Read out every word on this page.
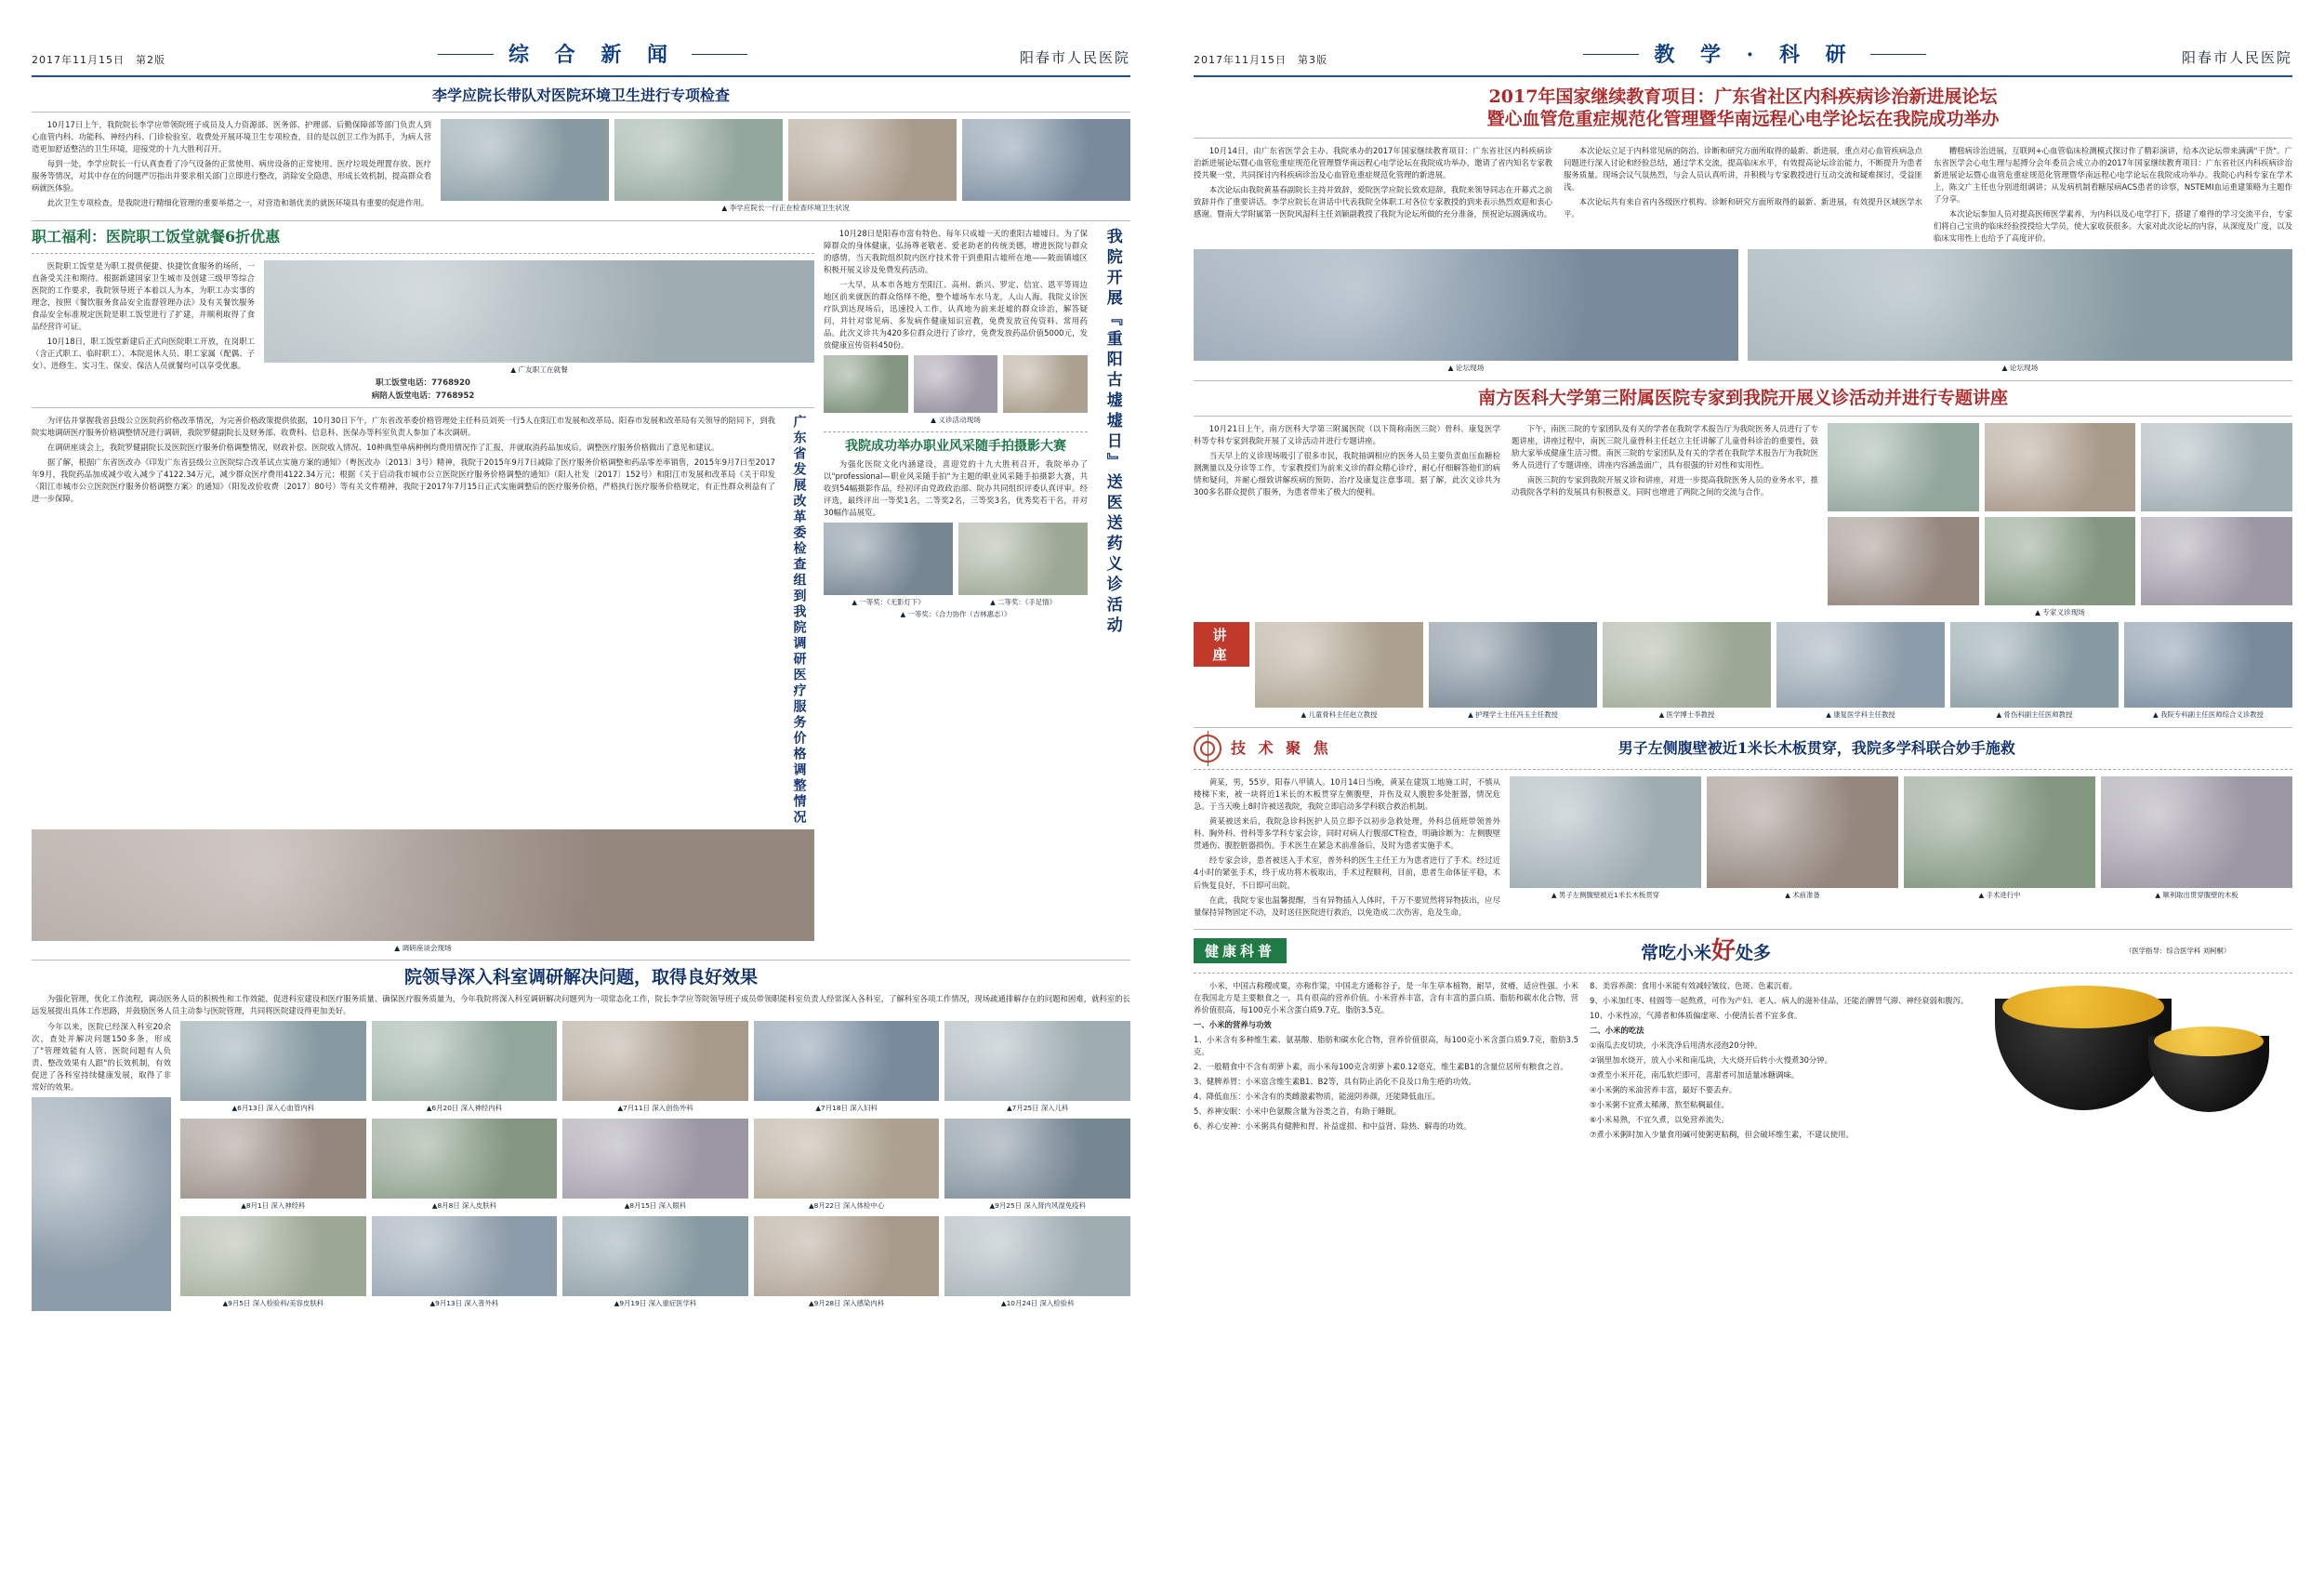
2017年11月15日　第2版	综 合 新 闻	阳春市人民医院
李学应院长带队对医院环境卫生进行专项检查

10月17日上午，我院院长李学应带领院班子成员及人力资源部、医务部、护理部、后勤保障部等部门负责人到心血管内科、功能科、神经内科、门诊检验室、收费处开展环境卫生专项检查，目的是以创卫工作为抓手，为病人营造更加舒适整洁的卫生环境，迎接党的十九大胜利召开。

每到一处，李学应院长一行认真查看了冷气设备的正常使用、病房设备的正常使用、医疗垃圾处理置存放、医疗服务等情况，对其中存在的问题严厉指出并要求相关部门立即进行整改，消除安全隐患，形成长效机制，提高群众看病就医体验。

此次卫生专项检查，是我院进行精细化管理的重要举措之一，对营造和谐优美的就医环境具有重要的促进作用。

▲ 李学应院长一行正在检查环境卫生状况
职工福利：医院职工饭堂就餐6折优惠

医院职工饭堂是为职工提供便捷、快捷饮食服务的场所，一直备受关注和期待。根据新建国家卫生城市及创建三级甲等综合医院的工作要求，我院领导班子本着以人为本，为职工办实事的理念，按照《餐饮服务食品安全监督管理办法》及有关餐饮服务食品安全标准规定医院是职工饭堂进行了扩建，并顺利取得了食品经营许可证。

10月18日，职工饭堂新建后正式向医院职工开放，在岗职工（含正式职工、临时职工）、本院退休人员、职工家属（配偶、子女）、进修生、实习生、保安、保洁人员就餐均可以享受优惠。	▲ 广友职工在就餐
职工饭堂电话：7768920
病陪人饭堂电话：7768952

为评估并掌握我省县级公立医院药价格改革情况，为完善价格政策提供依据，10月30日下午，广东省改革委价格管理处主任科员刘英一行5人在阳江市发展和改革局、阳春市发展和改革局有关领导的陪同下，到我院实地调研医疗服务价格调整情况进行调研，我院罗健副院长及财务部、收费科、信息科、医保办等科室负责人参加了本次调研。

在调研座谈会上，我院罗健副院长及医院医疗服务价格调整情况，财政补偿、医院收入情况、10种典型单病种例均费用情况作了汇报，并就取消药品加成后，调整医疗服务价格做出了意见和建议。

据了解，根据广东省医改办《印发广东省县级公立医院综合改革试点实施方案的通知》（粤医改办〔2013〕3号）精神，我院于2015年9月7日减除了医疗服务价格调整和药品零差率销售，2015年9月7日至2017年9月，我院药品加成减少收入减少了4122.34万元，减少群众医疗费用4122.34万元；根据《关于启动我市城市公立医院医疗服务价格调整的通知》（阳人社发〔2017〕152号）和阳江市发展和改革局《关于印发〈阳江市城市公立医院医疗服务价格调整方案〉的通知》（阳发改价收费〔2017〕80号）等有关文件精神，我院于2017年7月15日正式实施调整后的医疗服务价格，严格执行医疗服务价格规定，有正性群众利益有了进一步保障。	广东省发展改革委检查组到我院调研医疗服务价格调整情况
▲ 调研座谈会现场

10月28日是阳春市富有特色、每年只成墟一天的重阳古墟墟日。为了保障群众的身体健康，弘扬尊老敬老、爱老助老的传统美德，增进医院与群众的感情，当天我院组织院内医疗技术骨干到重阳古墟所在地——陂面镇墟区积极开展义诊及免费发药活动。

一大早，从本市各地方至阳江、高州、新兴、罗定、信宜、恩平等周边地区前来就医的群众络绎不绝，整个墟场车水马龙，人山人海。我院义诊医疗队到达现场后，迅速投入工作，认真地为前来赶墟的群众诊治，解答疑问，并针对常见病、多发病作健康知识宣教，免费发放宣传资料、常用药品。此次义诊共为420多位群众进行了诊疗，免费发放药品价值5000元，发放健康宣传资料450份。

▲ 义诊活动现场
我院成功举办职业风采随手拍摄影大赛

为强化医院文化内涵建设，喜迎党的十九大胜利召开，我院举办了以"professional—职业风采随手拍"为主题的职业风采随手拍摄影大赛，共收到54幅摄影作品，经初评由党政政治部、院办共同组织评委认真评审。经评选，最终评出一等奖1名，二等奖2名，三等奖3名，优秀奖若干名，并对30幅作品展览。

▲ 一等奖：《无影灯下》	▲ 二等奖：《手足情》
▲ 一等奖：《合力协作（吉林惠志）》	我院开展『重阳古墟墟日』送医送药义诊活动
院领导深入科室调研解决问题，取得良好效果

为强化管理，优化工作流程，调动医务人员的积极性和工作效能，促进科室建设和医疗服务质量、确保医疗服务质量为，今年我院将深入科室调研解决问题列为一项常态化工作，院长李学应等院领导班子成员带领职能科室负责人经常深入各科室，了解科室各项工作情况，现场疏通排解存在的问题和困难，就科室的长远发展提出具体工作思路，并鼓励医务人员主动参与医院管理，共同将医院建设得更加美好。

今年以来，医院已经深入科室20余次，查处并解决问题150多条，形成了"管理效能有人管、医院问题有人负责、整改效果有人跟"的长效机制，有效促进了各科室持续健康发展，取得了非常好的效果。

▲6月13日 深入心血管内科	▲6月20日 深入神经内科	▲7月11日 深入创伤外科	▲7月18日 深入妇科	▲7月25日 深入儿科
▲8月1日 深入神经科	▲8月8日 深入皮肤科	▲8月15日 深入眼科	▲8月22日 深入体检中心	▲9月25日 深入肾内风湿免疫科
▲9月5日 深入检验科/美容皮肤科	▲9月13日 深入普外科	▲9月19日 深入重症医学科	▲9月28日 深入感染内科	▲10月24日 深入检验科
2017年11月15日　第3版	教 学 · 科 研	阳春市人民医院
2017年国家继续教育项目：广东省社区内科疾病诊治新进展论坛
暨心血管危重症规范化管理暨华南远程心电学论坛在我院成功举办

10月14日，由广东省医学会主办、我院承办的2017年国家继续教育项目：广东省社区内科疾病诊治新进展论坛暨心血管危重症规范化管理暨华南远程心电学论坛在我院成功举办，邀请了省内知名专家教授共聚一堂，共同探讨内科疾病诊治及心血管危重症规范化管理的新进展。

本次论坛由我院黄基春副院长主持并致辞，爱院医学应院长致欢迎辞，我院来领导同志在开幕式之前致辞并作了重要讲话。李学应院长在讲话中代表我院全体职工对各位专家教授的到来表示热烈欢迎和衷心感谢。暨南大学附属第一医院风湿科主任刘颖副教授了我院为论坛所做的充分准备，预祝论坛圆满成功。

本次论坛立足于内科常见病的防治、诊断和研究方面所取得的最新、新进展，重点对心血管疾病急点问题进行深入讨论和经验总结，通过学术交流，提高临床水平，有效提高论坛诊治能力，不断提升为患者服务质量。现场会议气氛热烈，与会人员认真听讲，并积极与专家教授进行互动交流和疑难探讨，受益匪浅。

本次论坛共有来自省内各级医疗机构、诊断和研究方面所取得的最新、新进展，有效提升区域医学水平。

糟糕病诊治进展，互联网+心血管临床检测模式探讨作了精彩演讲，给本次论坛带来满满"干货"。广东省医学会心电生理与起搏分会年委员会成立办的2017年国家继续教育项目：广东省社区内科疾病诊治新进展论坛暨心血管危重症规范化管理暨华南远程心电学论坛在我院成功举办。我院心内科专家在学术上，陈文广主任也分别进组调讲；从发病机制看糖尿病ACS患者的诊察，NSTEMI血运重建策略为主题作了分享。

本次论坛参加人员对提高医师医学素养，为内科以及心电学打下，搭建了难得的学习交流平台，专家们将自己宝贵的临床经验授授给大学员，使大家收获很多。大家对此次论坛的内容，从深度及广度，以及临床实用性上也给予了高度评价。

▲ 论坛现场	▲ 论坛现场
南方医科大学第三附属医院专家到我院开展义诊活动并进行专题讲座

10月21日上午，南方医科大学第三附属医院（以下简称南医三院）骨科、康复医学科等专科专家到我院开展了义诊活动并进行专题讲座。

当天早上的义诊现场吸引了很多市民，我院抽调相应的医务人员主要负责血压血糖检测测量以及分诊等工作，专家教授们为前来义诊的群众精心诊疗，耐心仔细解答他们的病情和疑问，并耐心细致讲解疾病的预防、治疗及康复注意事项。据了解，此次义诊共为300多名群众提供了服务，为患者带来了极大的便利。

下午，南医三院的专家团队及有关的学者在我院学术报告厅为我院医务人员进行了专题讲座，讲座过程中，南医三院儿童骨科主任赵立主任讲解了儿童骨科诊治的重要性，鼓励大家举成健康生活习惯。南医三院的专家团队及有关的学者在我院学术报告厅为我院医务人员进行了专题讲座，讲座内容涵盖面广，具有很强的针对性和实用性。

南医三院的专家到我院开展义诊和讲座，对进一步提高我院医务人员的业务水平，推动我院各学科的发展具有积极意义，同时也增进了两院之间的交流与合作。

▲ 专家义诊现场
讲 座
▲ 儿童骨科主任赵立教授	▲ 护理学士主任冯玉主任教授	▲ 医学博士李教授	▲ 康复医学科主任教授	▲ 骨伤科副主任医师教授	▲ 我院专科副主任医师综合义诊教授
技 术 聚 焦	男子左侧腹壁被近1米长木板贯穿，我院多学科联合妙手施救

黄某，男，55岁，阳春八甲镇人。10月14日当晚，黄某在建筑工地施工时，不慎从楼梯下来，被一块将近1米长的木板贯穿左侧腹壁，并伤及双人腹腔多处脏器，情况危急。于当天晚上8时许被送我院，我院立即启动多学科联合救治机制。

黄某被送来后，我院急诊科医护人员立即予以初步急救处理，外科总值班带领普外科、胸外科、骨科等多学科专家会诊，同时对病人行腹部CT检查，明确诊断为：左侧腹壁贯通伤、腹腔脏器损伤。手术医生在紧急术前准备后，及时为患者实施手术。

经专家会诊，患者被送入手术室，普外科的医生主任王力为患者进行了手术。经过近4小时的紧张手术，终于成功将木板取出，手术过程顺利，目前，患者生命体征平稳，术后恢复良好，不日即可出院。

在此，我院专家也温馨提醒，当有异物插入人体时，千万不要贸然将异物拔出，应尽量保持异物固定不动，及时送往医院进行救治，以免造成二次伤害，危及生命。

▲ 男子左侧腹壁被近1米长木板贯穿	▲ 术前准备	▲ 手术进行中	▲ 顺利取出贯穿腹壁的木板
健康科普	常吃小米好处多	（医学指导：综合医学科 刘柯桐）

小米，中国古称稷或粟，亦称作粱，中国北方通称谷子，是一年生草本植物，耐旱，贫瘠，适应性强。小米在我国北方是主要粮食之一，具有很高的营养价值。小米营养丰富，含有丰富的蛋白质、脂肪和碳水化合物，营养价值很高，每100克小米含蛋白质9.7克，脂肪3.5克。

一、小米的营养与功效

1、小米含有多种维生素、氨基酸、脂肪和碳水化合物，营养价值很高，每100克小米含蛋白质9.7克，脂肪3.5克。

2、一般精食中不含有胡萝卜素，而小米每100克含胡萝卜素0.12毫克，维生素B1的含量位居所有粮食之首。

3、健脾养胃：小米富含维生素B1、B2等，具有防止消化不良及口角生疮的功效。

4、降低血压：小米含有的类雌激素物质，能滋阴养颜，还能降低血压。

5、养神安眠：小米中色氨酸含量为谷类之首，有助于睡眠。

6、养心安神：小米粥具有健脾和胃、补益虚损、和中益肾、除热、解毒的功效。

8、美容养颜：食用小米能有效减轻皱纹、色斑、色素沉着。

9、小米加红枣、桂圆等一起熬煮，可作为产妇、老人、病人的滋补佳品，还能治脾胃气滞、神经衰弱和腹泻。

10、小米性凉，气滞者和体质偏虚寒、小便清长者不宜多食。

二、小米的吃法

①南瓜去皮切块，小米洗净后用清水浸泡20分钟。

②锅里加水烧开，放入小米和南瓜块，大火烧开后转小火慢煮30分钟。

③煮至小米开花，南瓜软烂即可，喜甜者可加适量冰糖调味。

④小米粥的米油营养丰富，最好不要丢弃。

⑤小米粥不宜煮太稀薄，熬至粘稠最佳。

⑥小米易熟，不宜久煮，以免营养流失。

⑦煮小米粥时加入少量食用碱可使粥更粘稠，但会破坏维生素，不建议使用。
